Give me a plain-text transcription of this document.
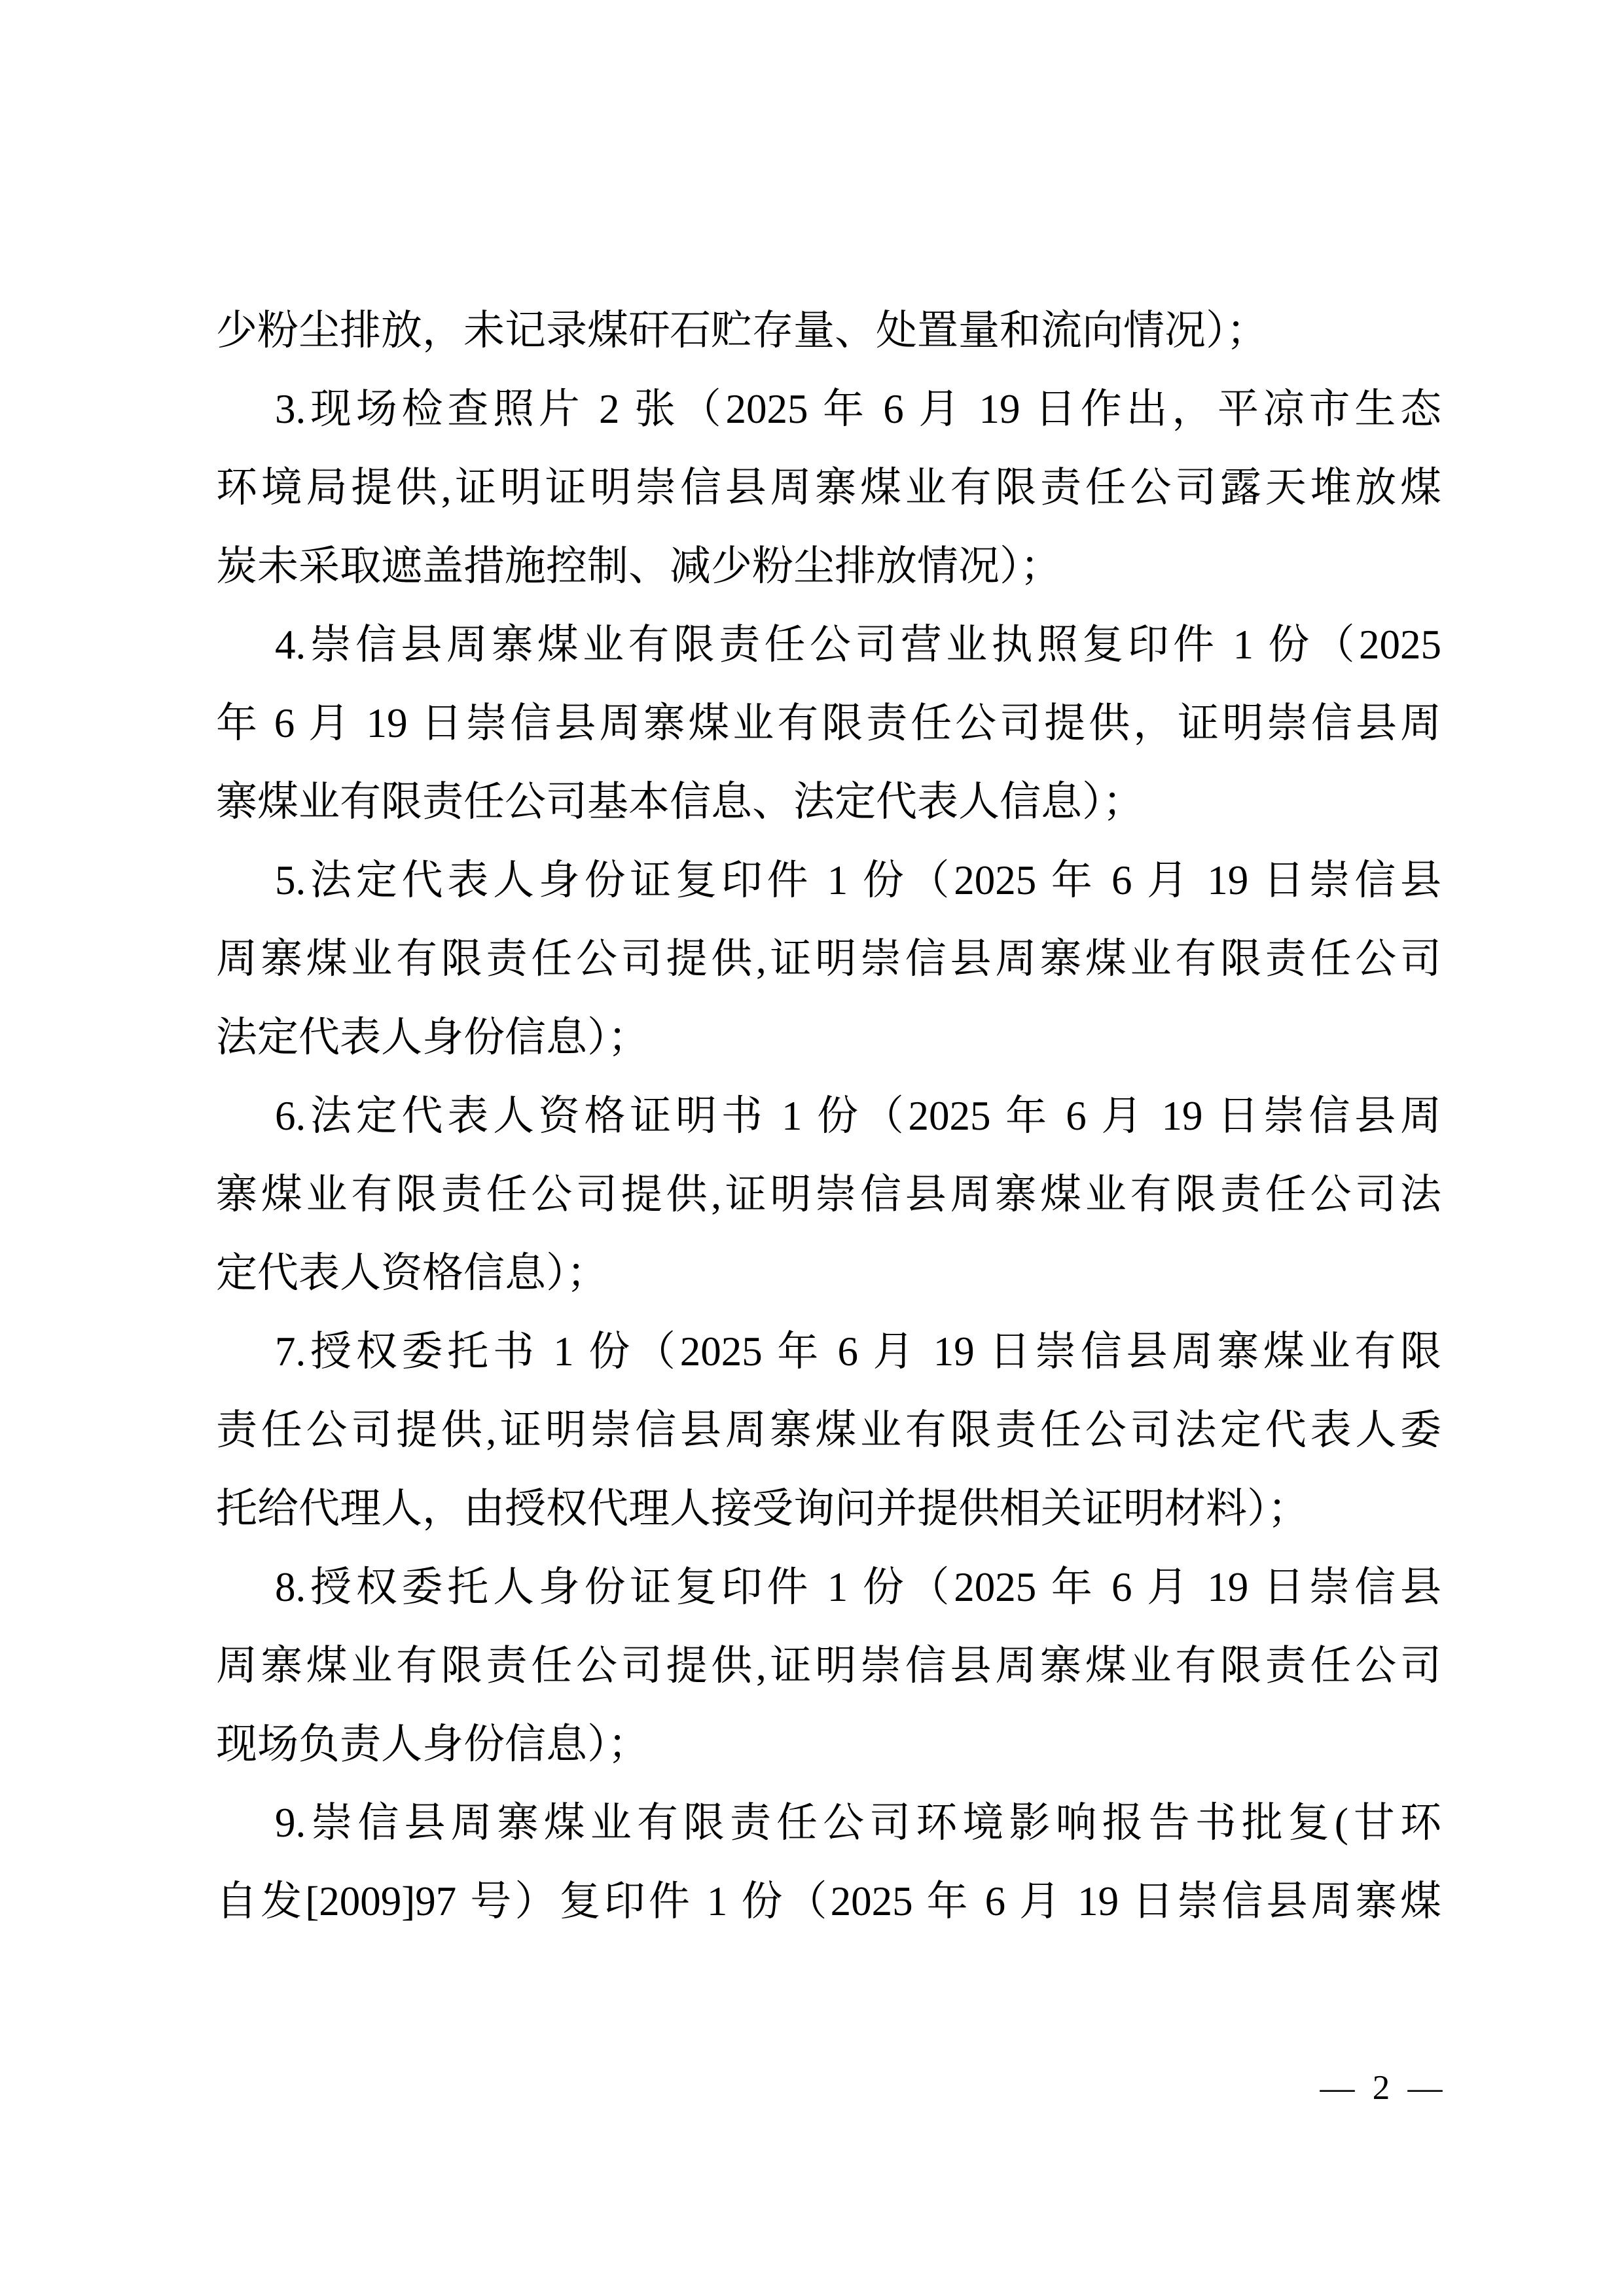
少粉尘排放，未记录煤矸石贮存量、处置量和流向情况）；
3.现场检查照片 2 张（2025 年 6 月 19 日作出，平凉市生态
环境局提供,证明证明崇信县周寨煤业有限责任公司露天堆放煤
炭未采取遮盖措施控制、减少粉尘排放情况）；
4.崇信县周寨煤业有限责任公司营业执照复印件 1 份（2025
年 6 月 19 日崇信县周寨煤业有限责任公司提供，证明崇信县周
寨煤业有限责任公司基本信息、法定代表人信息）；
5.法定代表人身份证复印件 1 份（2025 年 6 月 19 日崇信县
周寨煤业有限责任公司提供,证明崇信县周寨煤业有限责任公司
法定代表人身份信息）；
6.法定代表人资格证明书 1 份（2025 年 6 月 19 日崇信县周
寨煤业有限责任公司提供,证明崇信县周寨煤业有限责任公司法
定代表人资格信息）；
7.授权委托书 1 份（2025 年 6 月 19 日崇信县周寨煤业有限
责任公司提供,证明崇信县周寨煤业有限责任公司法定代表人委
托给代理人，由授权代理人接受询问并提供相关证明材料）；
8.授权委托人身份证复印件 1 份（2025 年 6 月 19 日崇信县
周寨煤业有限责任公司提供,证明崇信县周寨煤业有限责任公司
现场负责人身份信息）；
9.崇信县周寨煤业有限责任公司环境影响报告书批复(甘环
自发[2009]97 号）复印件 1 份（2025 年 6 月 19 日崇信县周寨煤
— 2 —
